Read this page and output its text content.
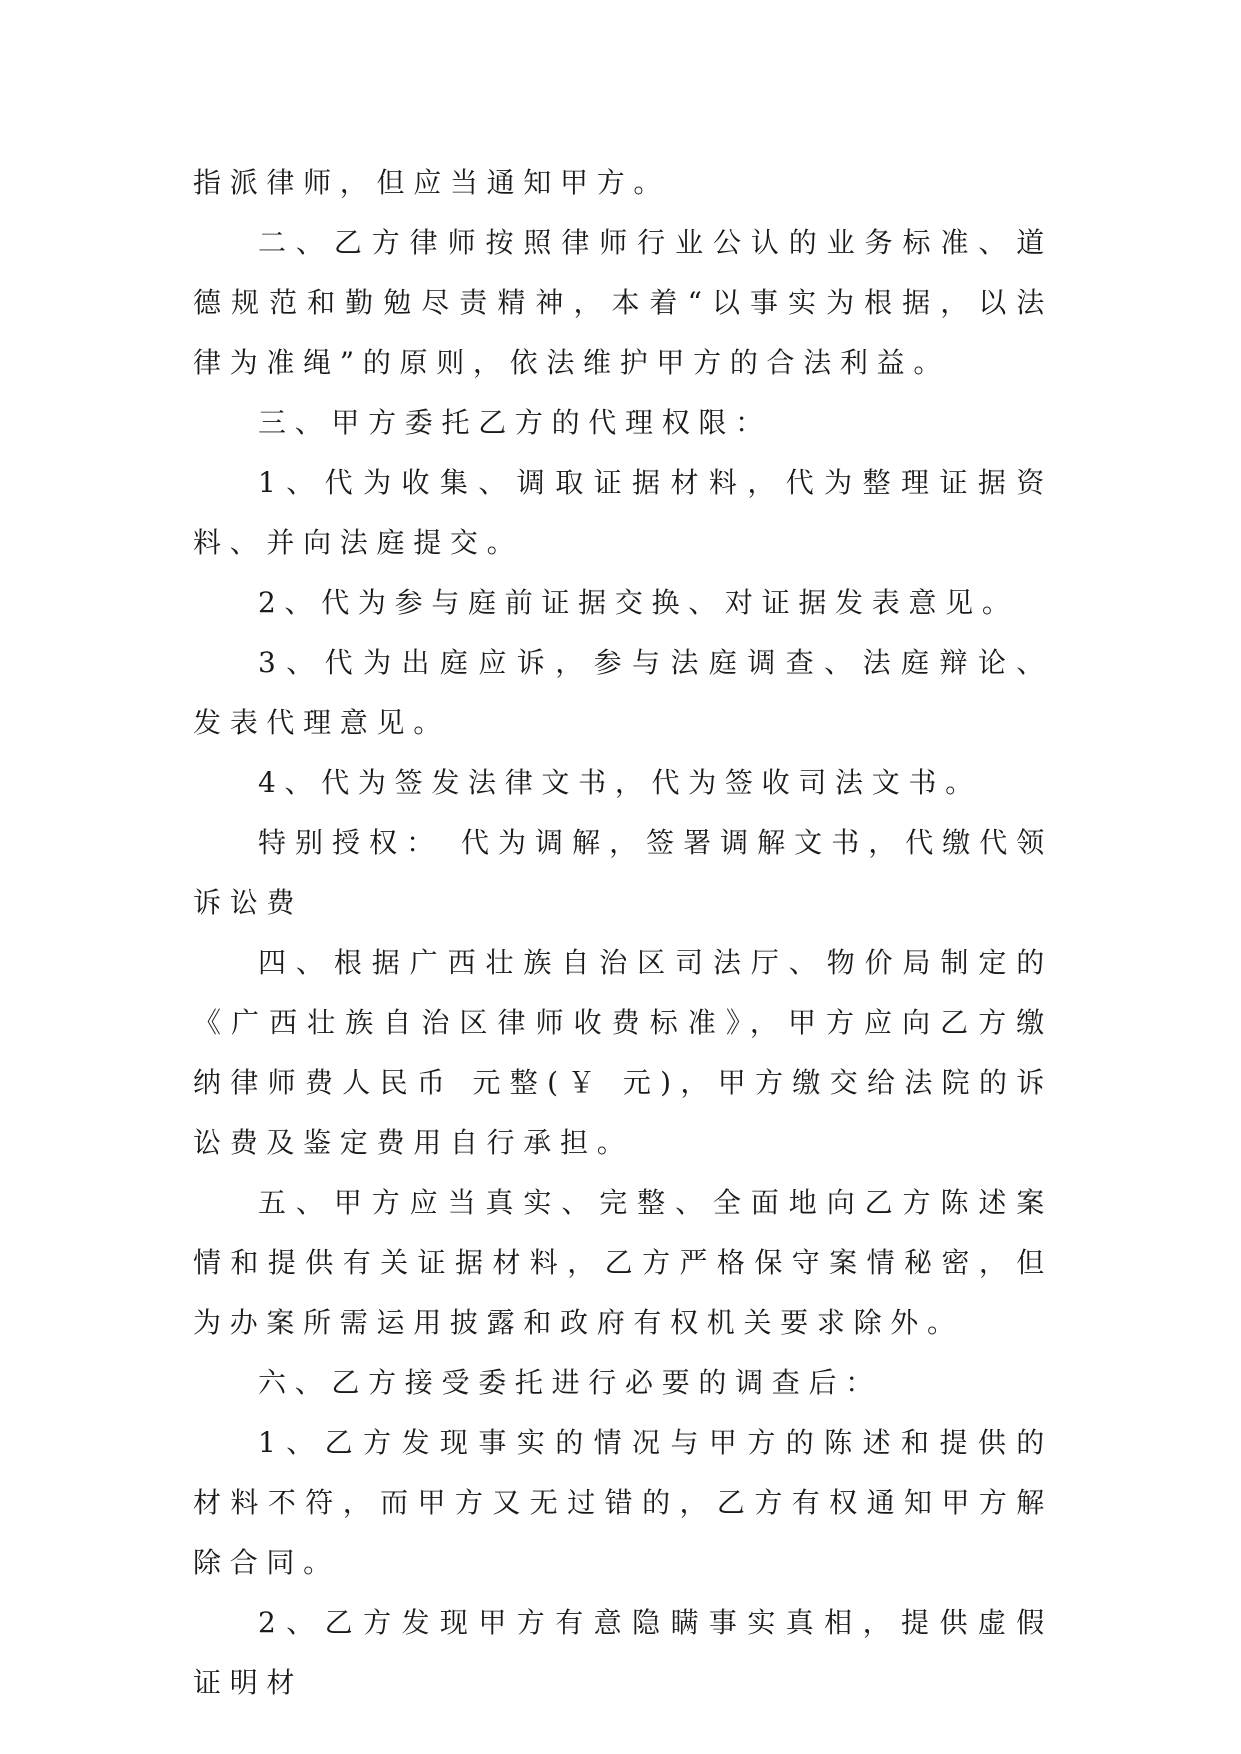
指派律师，但应当通知甲方。

二、乙方律师按照律师行业公认的业务标准、道德规范和勤勉尽责精神，本着“以事实为根据，以法律为准绳”的原则，依法维护甲方的合法利益。

三、甲方委托乙方的代理权限：

1、代为收集、调取证据材料，代为整理证据资料、并向法庭提交。

2、代为参与庭前证据交换、对证据发表意见。

3、代为出庭应诉，参与法庭调查、法庭辩论、发表代理意见。

4、代为签发法律文书，代为签收司法文书。

特别授权： 代为调解，签署调解文书，代缴代领诉讼费

四、根据广西壮族自治区司法厅、物价局制定的《广西壮族自治区律师收费标准》，甲方应向乙方缴纳律师费人民币 元整(￥ 元)，甲方缴交给法院的诉讼费及鉴定费用自行承担。

五、甲方应当真实、完整、全面地向乙方陈述案情和提供有关证据材料，乙方严格保守案情秘密，但为办案所需运用披露和政府有权机关要求除外。

六、乙方接受委托进行必要的调查后：

1、乙方发现事实的情况与甲方的陈述和提供的材料不符，而甲方又无过错的，乙方有权通知甲方解除合同。

2、乙方发现甲方有意隐瞒事实真相，提供虚假证明材
